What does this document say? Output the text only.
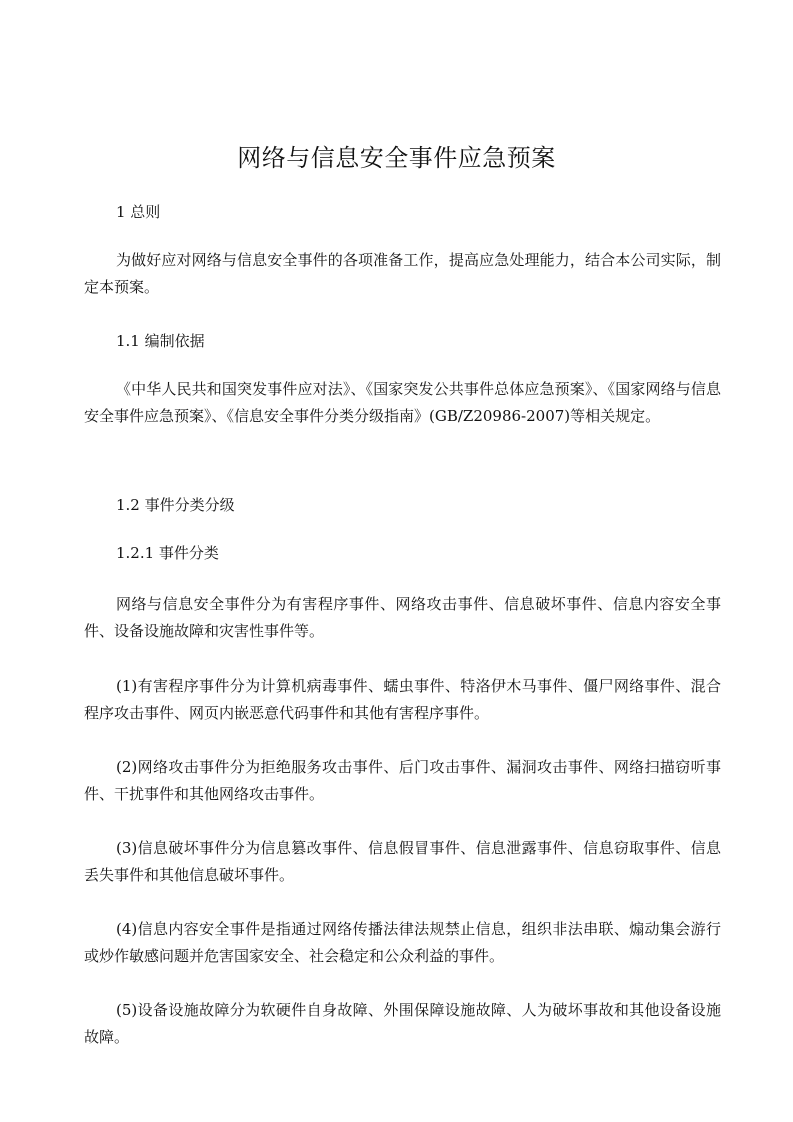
网络与信息安全事件应急预案
1 总则

为做好应对网络与信息安全事件的各项准备工作，提高应急处理能力，结合本公司实际，制定本预案。

1.1 编制依据

《中华人民共和国突发事件应对法》、《国家突发公共事件总体应急预案》、《国家网络与信息安全事件应急预案》、《信息安全事件分类分级指南》(GB/Z20986-2007)等相关规定。

1.2 事件分类分级
1.2.1 事件分类

网络与信息安全事件分为有害程序事件、网络攻击事件、信息破坏事件、信息内容安全事件、设备设施故障和灾害性事件等。

(1)有害程序事件分为计算机病毒事件、蠕虫事件、特洛伊木马事件、僵尸网络事件、混合程序攻击事件、网页内嵌恶意代码事件和其他有害程序事件。

(2)网络攻击事件分为拒绝服务攻击事件、后门攻击事件、漏洞攻击事件、网络扫描窃听事件、干扰事件和其他网络攻击事件。

(3)信息破坏事件分为信息篡改事件、信息假冒事件、信息泄露事件、信息窃取事件、信息丢失事件和其他信息破坏事件。

(4)信息内容安全事件是指通过网络传播法律法规禁止信息，组织非法串联、煽动集会游行或炒作敏感问题并危害国家安全、社会稳定和公众利益的事件。

(5)设备设施故障分为软硬件自身故障、外围保障设施故障、人为破坏事故和其他设备设施故障。
